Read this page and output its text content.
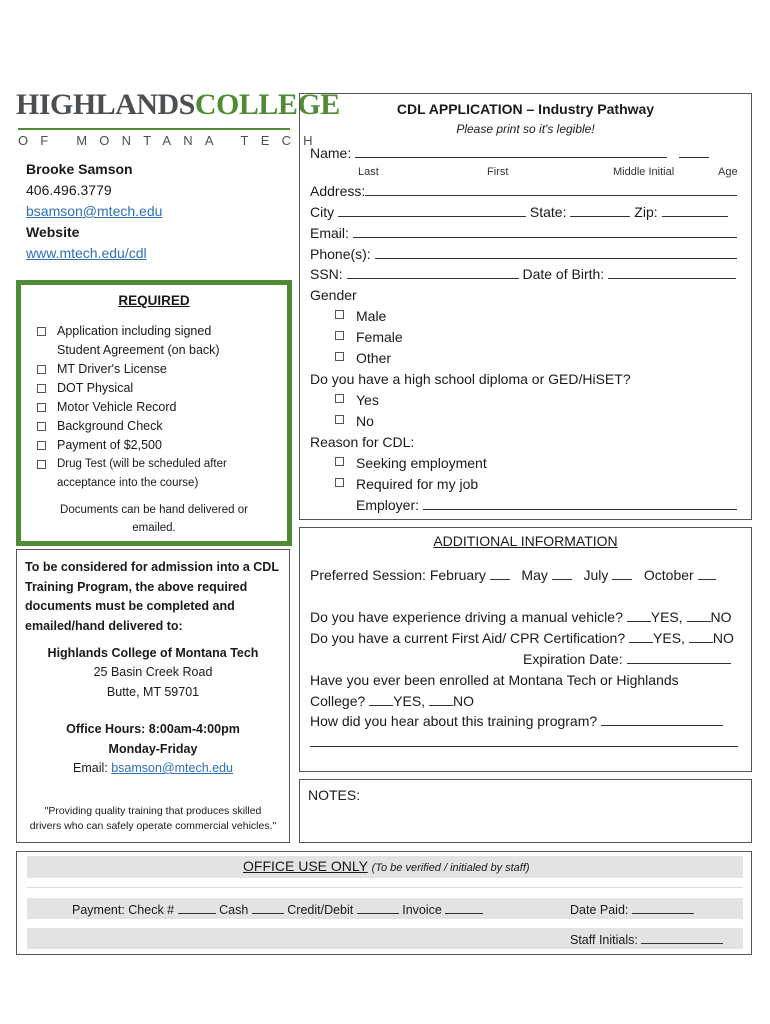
HIGHLANDSCOLLEGE
OF MONTANA TECH
Brooke Samson
406.496.3779
bsamson@mtech.edu
Website
www.mtech.edu/cdl
REQUIRED
Application including signed
Student Agreement (on back)
MT Driver's License
DOT Physical
Motor Vehicle Record
Background Check
Payment of $2,500
Drug Test (will be scheduled after
acceptance into the course)
Documents can be hand delivered or
emailed.
To be considered for admission into a CDL Training Program, the above required documents must be completed and emailed/hand delivered to:
Highlands College of Montana Tech
25 Basin Creek Road
Butte, MT 59701
Office Hours: 8:00am-4:00pm
Monday-Friday
Email: bsamson@mtech.edu
"Providing quality training that produces skilled
drivers who can safely operate commercial vehicles."
CDL APPLICATION – Industry Pathway
Please print so it's legible!
Name:
Last	First	Middle Initial	Age
Address:
City	State:	Zip:
Email:
Phone(s):
SSN:	Date of Birth:
Gender
Male
Female
Other
Do you have a high school diploma or GED/HiSET?
Yes
No
Reason for CDL:
Seeking employment
Required for my job
Employer:
ADDITIONAL INFORMATION
Preferred Session: February	May	July	October
Do you have experience driving a manual vehicle? YES, NO
Do you have a current First Aid/ CPR Certification? YES, NO
Expiration Date:
Have you ever been enrolled at Montana Tech or Highlands
College? YES, NO
How did you hear about this training program?
NOTES:
OFFICE USE ONLY (To be verified / initialed by staff)
Payment: Check #	Cash	Credit/Debit	Invoice	Date Paid:
Staff Initials:
